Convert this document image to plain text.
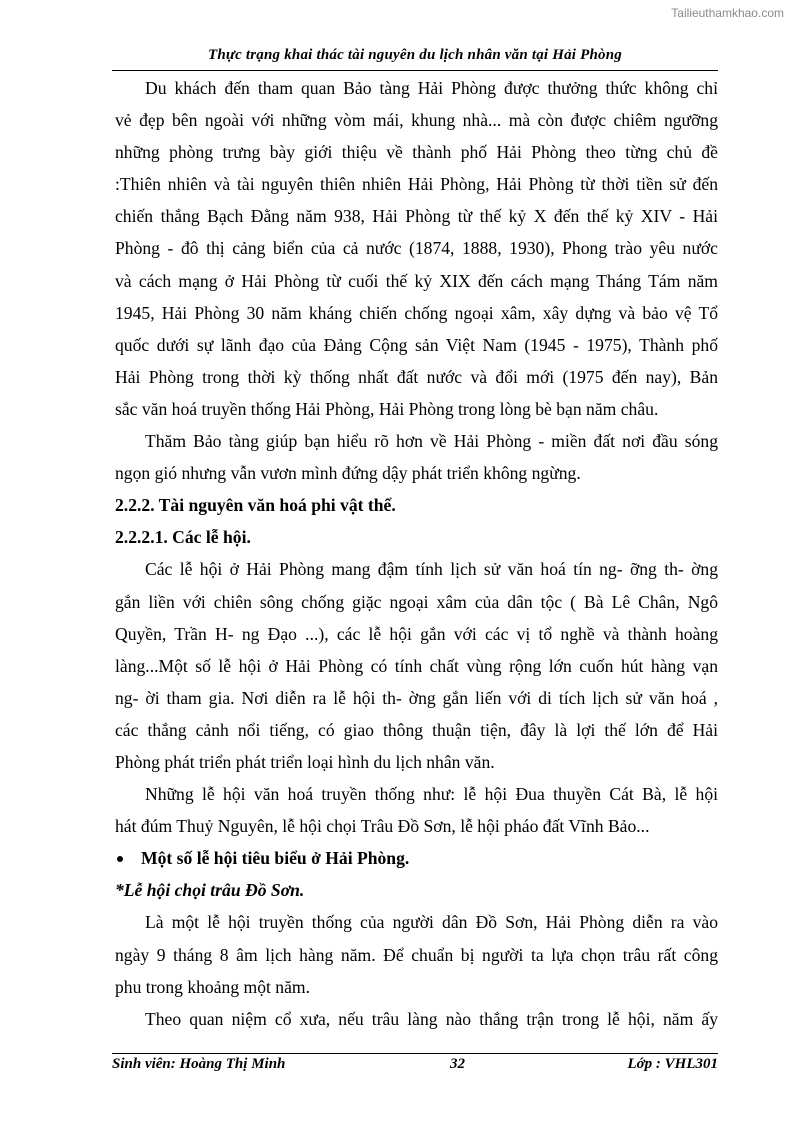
Tailieuthamkhao.com
Thực trạng khai thác tài nguyên du lịch nhân văn tại Hải Phòng
Du khách đến tham quan Bảo tàng Hải Phòng được thưởng thức không chỉ
vẻ đẹp bên ngoài với những vòm mái, khung nhà... mà còn được chiêm ngưỡng
những phòng trưng bày giới thiệu về thành phố Hải Phòng theo từng chủ đề
:Thiên nhiên và tài nguyên thiên nhiên Hải Phòng, Hải Phòng từ thời tiền sử đến
chiến thắng Bạch Đằng năm 938, Hải Phòng từ thế kỷ X đến thế kỷ XIV - Hải
Phòng - đô thị cảng biển của cả nước (1874, 1888, 1930), Phong trào yêu nước
và cách mạng ở Hải Phòng từ cuối thế kỷ XIX đến cách mạng Tháng Tám năm
1945, Hải Phòng 30 năm kháng chiến chống ngoại xâm, xây dựng và bảo vệ Tổ
quốc dưới sự lãnh đạo của Đảng Cộng sản Việt Nam (1945 - 1975), Thành phố
Hải Phòng trong thời kỳ thống nhất đất nước và đổi mới (1975 đến nay), Bản
sắc văn hoá truyền thống Hải Phòng, Hải Phòng trong lòng bè bạn năm châu.
Thăm Bảo tàng giúp bạn hiểu rõ hơn về Hải Phòng - miền đất nơi đầu sóng
ngọn gió nhưng vẫn vươn mình đứng dậy phát triển không ngừng.
2.2.2. Tài nguyên văn hoá phi vật thể.
2.2.2.1. Các lễ hội.
Các lễ hội ở Hải Phòng mang đậm tính lịch sử văn hoá tín ng- ỡng th- ờng
gắn liền với chiên sông chống giặc ngoại xâm của dân tộc ( Bà Lê Chân, Ngô
Quyền, Trần H- ng Đạo ...), các lễ hội gắn với các vị tổ nghề và thành hoàng
làng...Một số lễ hội ở Hải Phòng có tính chất vùng rộng lớn cuốn hút hàng vạn
ng- ời tham gia. Nơi diễn ra lễ hội th- ờng gắn liến với di tích lịch sử văn hoá ,
các thắng cảnh nổi tiếng, có giao thông thuận tiện, đây là lợi thế lớn để Hải
Phòng phát triển phát triển loại hình du lịch nhân văn.
Những lễ hội văn hoá truyền thống như: lễ hội Đua thuyền Cát Bà, lễ hội
hát đúm Thuỷ Nguyên, lễ hội chọi Trâu Đồ Sơn, lễ hội pháo đất Vĩnh Bảo...
Một số lễ hội tiêu biểu ở Hải Phòng.
*Lễ hội chọi trâu Đồ Sơn.
Là một lễ hội truyền thống của người dân Đồ Sơn, Hải Phòng diễn ra vào
ngày 9 tháng 8 âm lịch hàng năm. Để chuẩn bị người ta lựa chọn trâu rất công
phu trong khoảng một năm.
Theo quan niệm cổ xưa, nếu trâu làng nào thắng trận trong lễ hội, năm ấy
Sinh viên: Hoàng Thị Minh	32	Lớp : VHL301
